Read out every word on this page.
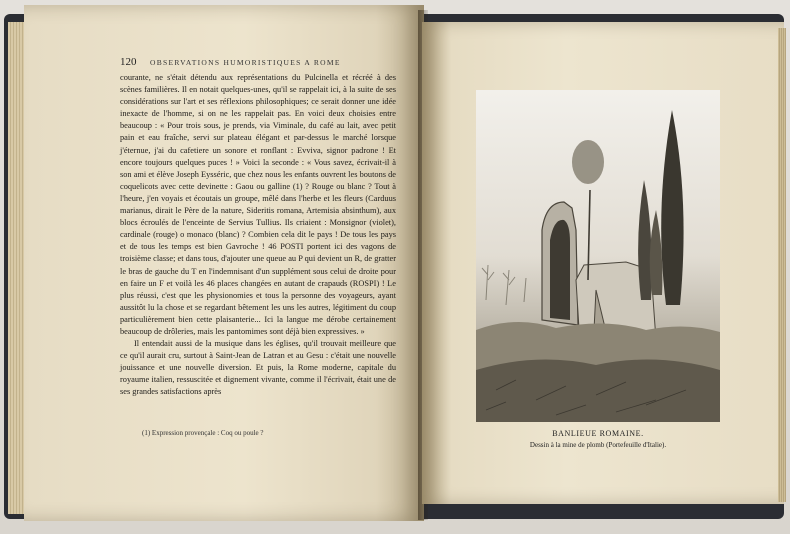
120 OBSERVATIONS HUMORISTIQUES A ROME

courante, ne s'était détendu aux représentations du Pulcinella et récréé à des scènes familières. Il en notait quelques-unes, qu'il se rappelait ici, à la suite de ses considérations sur l'art et ses réflexions philosophiques; ce serait donner une idée inexacte de l'homme, si on ne les rappelait pas. En voici deux choisies entre beaucoup : « Pour trois sous, je prends, via Viminale, du café au lait, avec petit pain et eau fraîche, servi sur plateau élégant et par-dessus le marché lorsque j'éternue, j'ai du cafetiere un sonore et ronflant : Evviva, signor padrone ! Et encore toujours quelques puces ! » Voici la seconde : « Vous savez, écrivait-il à son ami et élève Joseph Eysséric, que chez nous les enfants ouvrent les boutons de coquelicots avec cette devinette : Gaou ou galline (1) ? Rouge ou blanc ? Tout à l'heure, j'en voyais et écoutais un groupe, mêlé dans l'herbe et les fleurs (Carduus marianus, dirait le Père de la nature, Sideritis romana, Artemisia absinthum), aux blocs écroulés de l'enceinte de Servius Tullius. Ils criaient : Monsignor (violet), cardinale (rouge) o monaco (blanc) ? Combien cela dit le pays ! De tous les pays et de tous les temps est bien Gavroche ! 46 POSTI portent ici des vagons de troisième classe; et dans tous, d'ajouter une queue au P qui devient un R, de gratter le bras de gauche du T en l'indemnisant d'un supplément sous celui de droite pour en faire un F et voilà les 46 places changées en autant de crapauds (ROSPI) ! Le plus réussi, c'est que les physionomies et tous la personne des voyageurs, ayant aussitôt lu la chose et se regardant bêtement les uns les autres, légitiment du coup particulièrement bien cette plaisanterie... Ici la langue me dérobe certainement beaucoup de drôleries, mais les pantomimes sont déjà bien expressives. »

Il entendait aussi de la musique dans les églises, qu'il trouvait meilleure que ce qu'il aurait cru, surtout à Saint-Jean de Latran et au Gesu : c'était une nouvelle jouissance et une nouvelle diversion. Et puis, la Rome moderne, capitale du royaume italien, ressuscitée et dignement vivante, comme il l'écrivait, était une de ses grandes satisfactions après

(1) Expression provençale : Coq ou poule ?	BANLIEUE ROMAINE.
Dessin à la mine de plomb (Portefeuille d'Italie).
